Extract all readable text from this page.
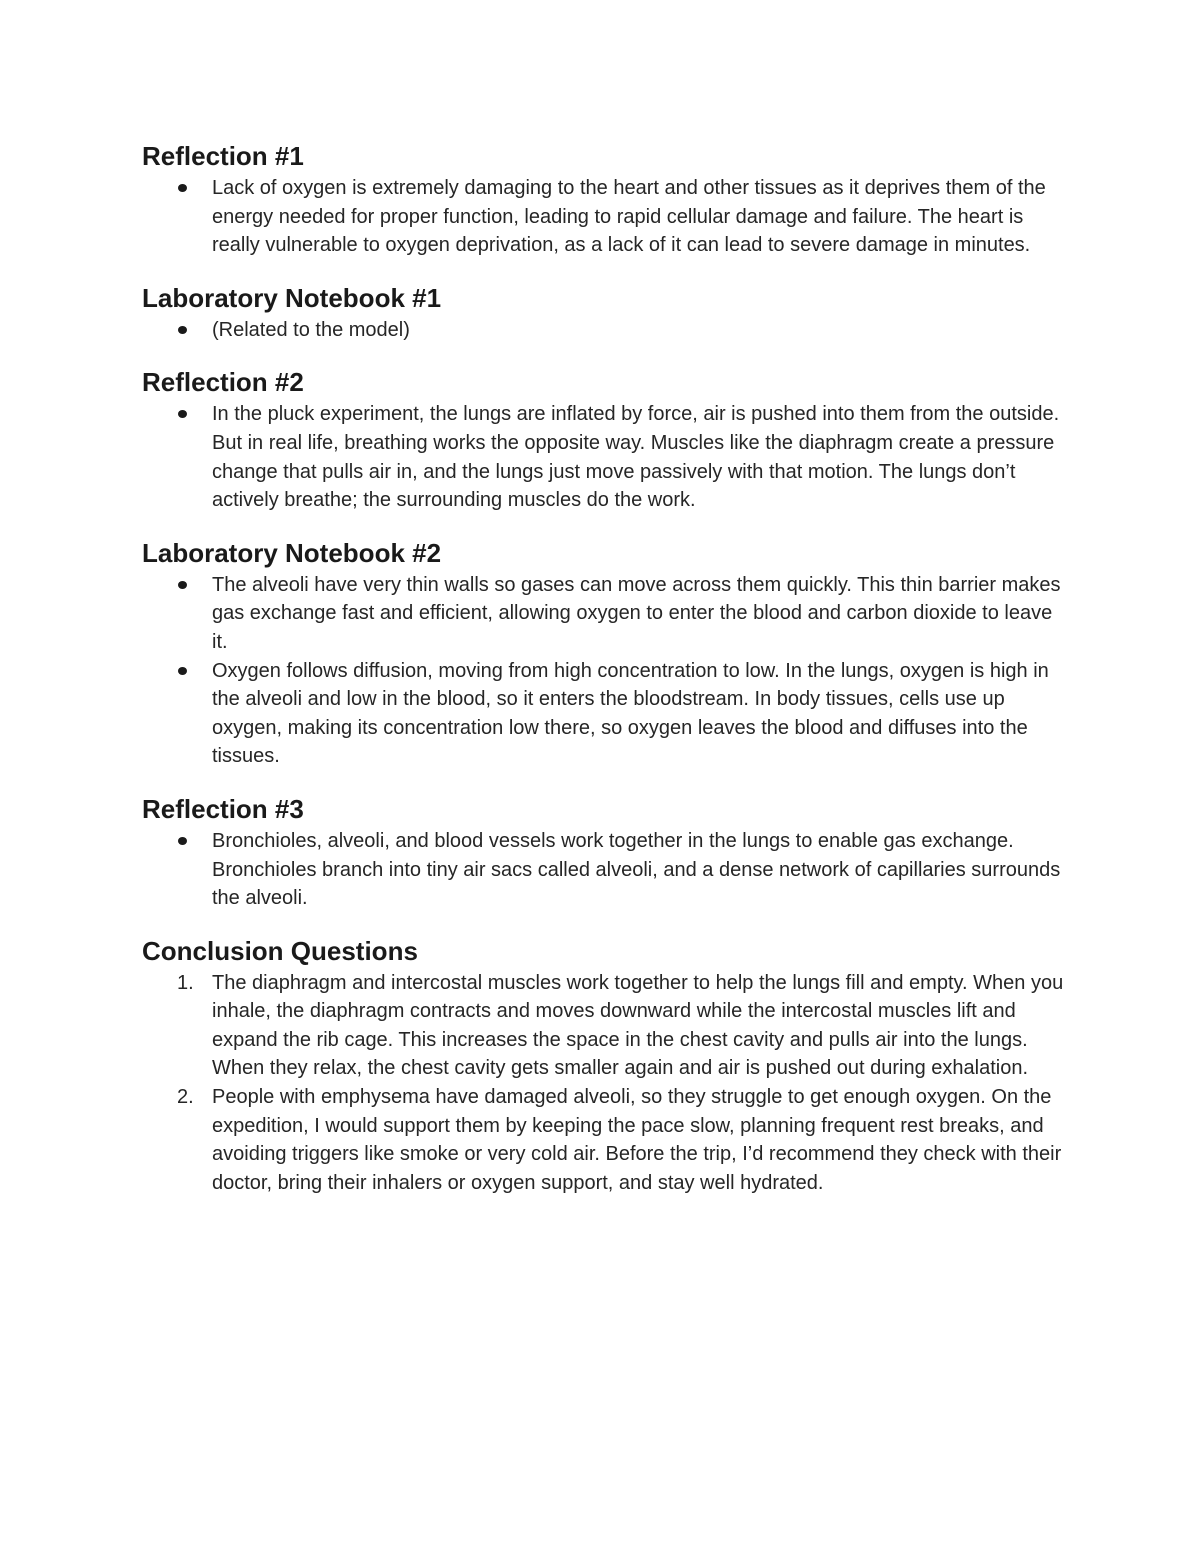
Reflection #1
Lack of oxygen is extremely damaging to the heart and other tissues as it deprives them of the energy needed for proper function, leading to rapid cellular damage and failure. The heart is really vulnerable to oxygen deprivation, as a lack of it can lead to severe damage in minutes.
Laboratory Notebook #1
(Related to the model)
Reflection #2
In the pluck experiment, the lungs are inflated by force, air is pushed into them from the outside. But in real life, breathing works the opposite way. Muscles like the diaphragm create a pressure change that pulls air in, and the lungs just move passively with that motion. The lungs don’t actively breathe; the surrounding muscles do the work.
Laboratory Notebook #2
The alveoli have very thin walls so gases can move across them quickly. This thin barrier makes gas exchange fast and efficient, allowing oxygen to enter the blood and carbon dioxide to leave it.
Oxygen follows diffusion, moving from high concentration to low. In the lungs, oxygen is high in the alveoli and low in the blood, so it enters the bloodstream. In body tissues, cells use up oxygen, making its concentration low there, so oxygen leaves the blood and diffuses into the tissues.
Reflection #3
Bronchioles, alveoli, and blood vessels work together in the lungs to enable gas exchange. Bronchioles branch into tiny air sacs called alveoli, and a dense network of capillaries surrounds the alveoli.
Conclusion Questions
1. The diaphragm and intercostal muscles work together to help the lungs fill and empty. When you inhale, the diaphragm contracts and moves downward while the intercostal muscles lift and expand the rib cage. This increases the space in the chest cavity and pulls air into the lungs. When they relax, the chest cavity gets smaller again and air is pushed out during exhalation.
2. People with emphysema have damaged alveoli, so they struggle to get enough oxygen. On the expedition, I would support them by keeping the pace slow, planning frequent rest breaks, and avoiding triggers like smoke or very cold air. Before the trip, I’d recommend they check with their doctor, bring their inhalers or oxygen support, and stay well hydrated.
